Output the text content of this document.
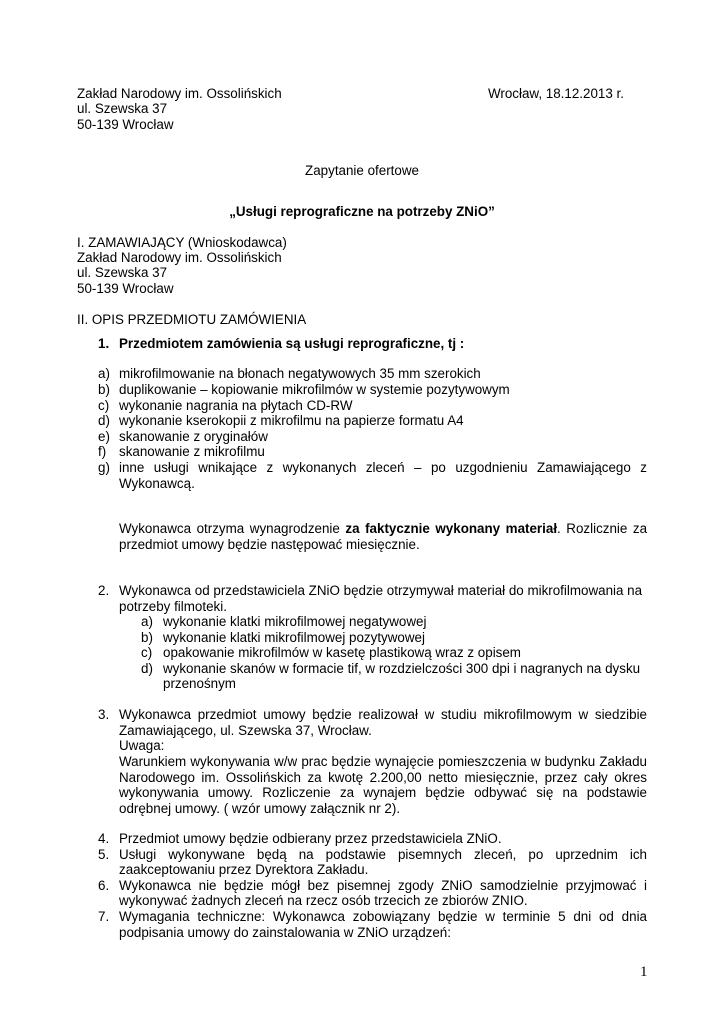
Zakład Narodowy im. Ossolińskich
ul. Szewska 37
50-139 Wrocław
Wrocław, 18.12.2013 r.
Zapytanie ofertowe
„Usługi reprograficzne na potrzeby ZNiO”
I. ZAMAWIAJĄCY (Wnioskodawca)
Zakład Narodowy im. Ossolińskich
ul. Szewska 37
50-139 Wrocław
II. OPIS PRZEDMIOTU ZAMÓWIENIA
1. Przedmiotem zamówienia są usługi reprograficzne, tj :
a) mikrofilmowanie na błonach negatywowych 35 mm szerokich
b) duplikowanie – kopiowanie mikrofilmów w systemie pozytywowym
c) wykonanie nagrania na płytach CD-RW
d) wykonanie kserokopii z mikrofilmu na papierze formatu A4
e) skanowanie z oryginałów
f) skanowanie z mikrofilmu
g) inne usługi wnikające z wykonanych zleceń – po uzgodnieniu Zamawiającego z
Wykonawcą.
Wykonawca otrzyma wynagrodzenie za faktycznie wykonany materiał. Rozlicznie za
przedmiot umowy będzie następować miesięcznie.
2. Wykonawca od przedstawiciela ZNiO będzie otrzymywał materiał do mikrofilmowania na
potrzeby filmoteki.
a) wykonanie klatki mikrofilmowej negatywowej
b) wykonanie klatki mikrofilmowej pozytywowej
c) opakowanie mikrofilmów w kasetę plastikową wraz z opisem
d) wykonanie skanów w formacie tif, w rozdzielczości 300 dpi i nagranych na dysku
przenośnym
3. Wykonawca przedmiot umowy będzie realizował w studiu mikrofilmowym w siedzibie
Zamawiającego, ul. Szewska 37, Wrocław.
Uwaga:
Warunkiem wykonywania w/w prac będzie wynajęcie pomieszczenia w budynku Zakładu
Narodowego im. Ossolińskich za kwotę 2.200,00 netto miesięcznie, przez cały okres
wykonywania umowy. Rozliczenie za wynajem będzie odbywać się na podstawie
odrębnej umowy. ( wzór umowy załącznik nr 2).
4. Przedmiot umowy będzie odbierany przez przedstawiciela ZNiO.
5. Usługi wykonywane będą na podstawie pisemnych zleceń, po uprzednim ich
zaakceptowaniu przez Dyrektora Zakładu.
6. Wykonawca nie będzie mógł bez pisemnej zgody ZNiO samodzielnie przyjmować i
wykonywać żadnych zleceń na rzecz osób trzecich ze zbiorów ZNIO.
7. Wymagania techniczne: Wykonawca zobowiązany będzie w terminie 5 dni od dnia
podpisania umowy do zainstalowania w ZNiO urządzeń:
1
